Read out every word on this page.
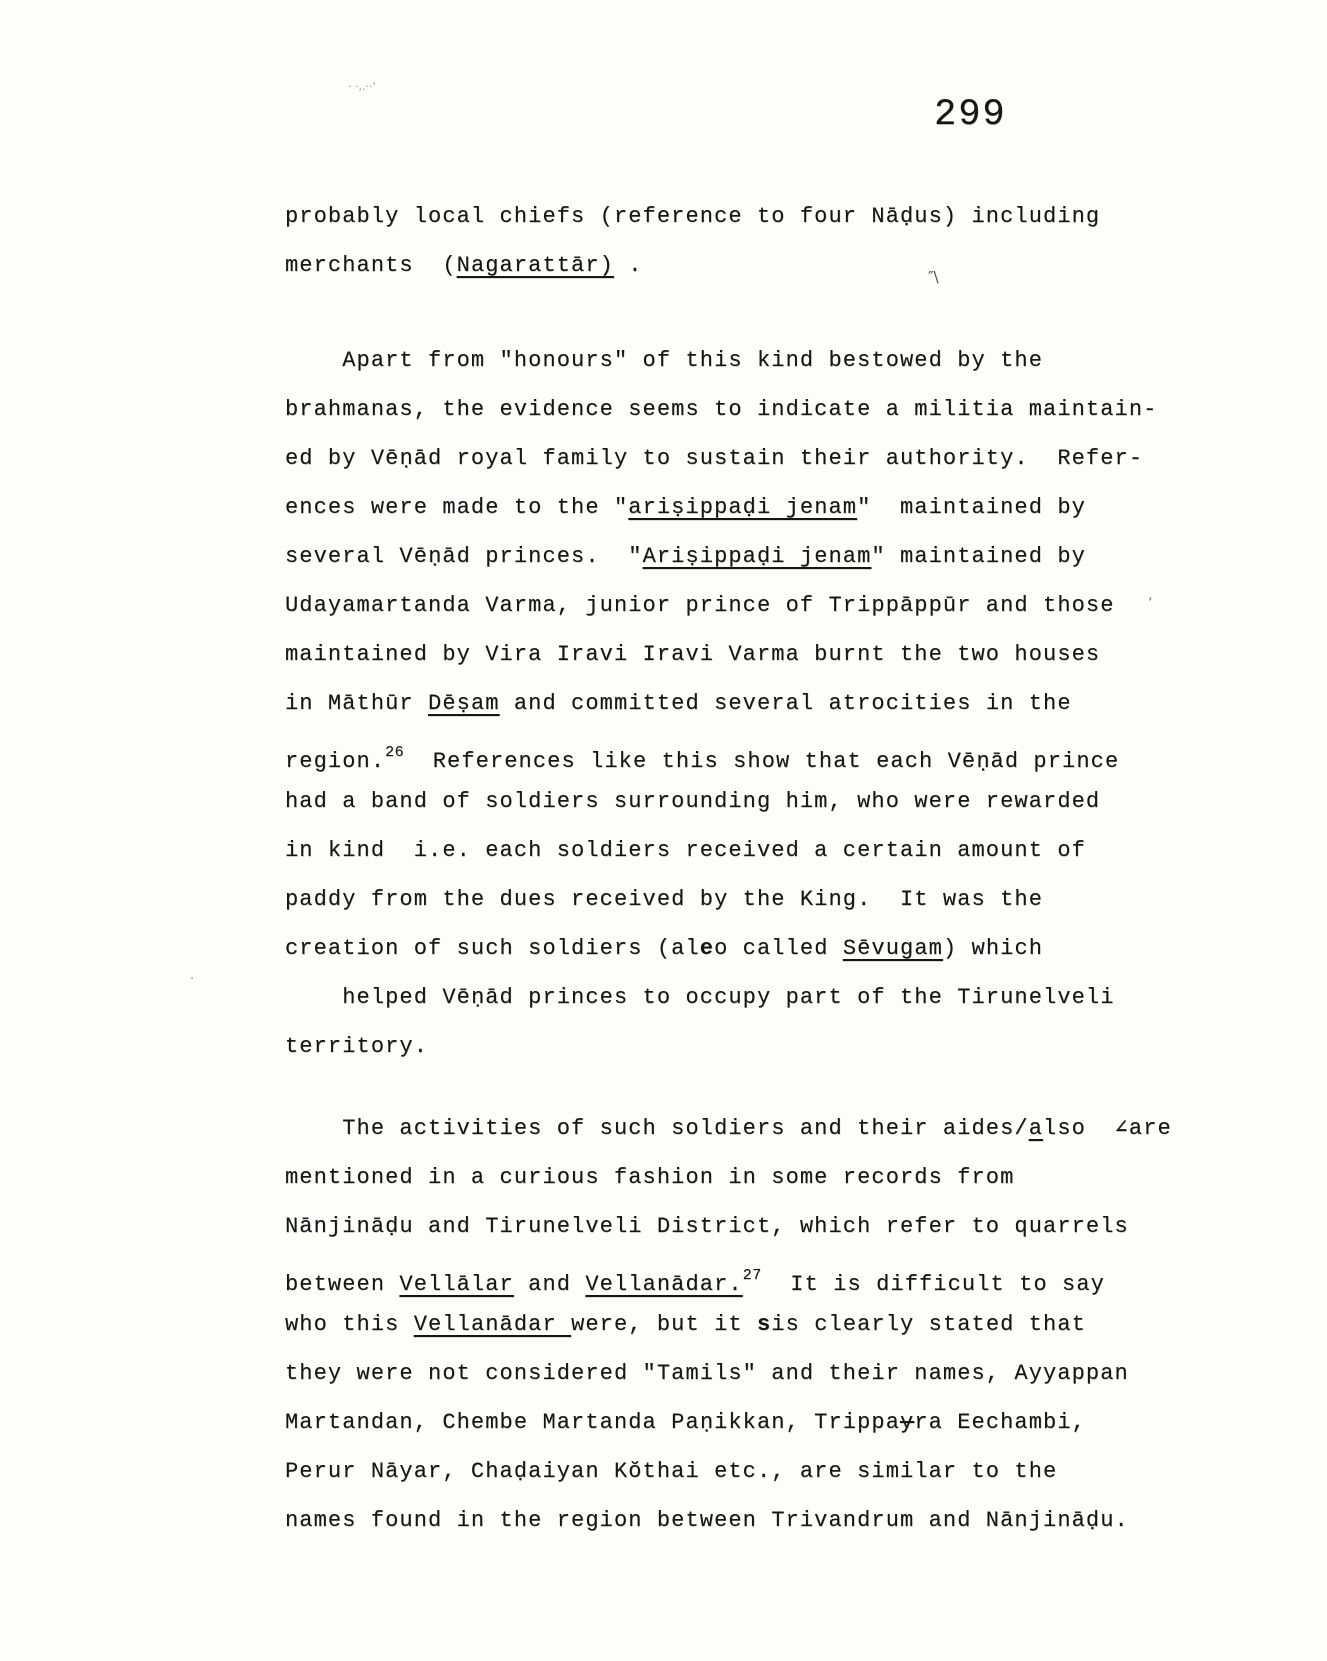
299
probably local chiefs (reference to four Nāḍus) including
merchants  (Nagarattār) .
Apart from "honours" of this kind bestowed by the
brahmanas, the evidence seems to indicate a militia maintain-
ed by Vēṇād royal family to sustain their authority.  Refer-
ences were made to the "ariṣippaḍi jenam"  maintained by
several Vēṇād princes.  "Ariṣippaḍi jenam" maintained by
Udayamartanda Varma, junior prince of Trippāppūr and those
maintained by Vira Iravi Iravi Varma burnt the two houses
in Māthūr Dēṣam and committed several atrocities in the
region.$^{26}$  References like this show that each Vēṇād prince
had a band of soldiers surrounding him, who were rewarded
in kind  i.e. each soldiers received a certain amount of
paddy from the dues received by the King.  It was the
creation of such soldiers (aleo called Sēvugam) which
helped Vēṇād princes to occupy part of the Tirunelveli
territory.
The activities of such soldiers and their aides/also  ∠are
mentioned in a curious fashion in some records from
Nānjināḍu and Tirunelveli District, which refer to quarrels
between Vellālar and Vellanādar.$^{27}$  It is difficult to say
who this Vellanādar were, but it sis clearly stated that
they were not considered "Tamils" and their names, Ayyappan
Martandan, Chembe Martanda Paṇikkan, Trippayra Eechambi,
Perur Nāyar, Chaḍaiyan Kŏthai etc., are similar to the
names found in the region between Trivandrum and Nānjināḍu.
· ·,.··'
″\
’
.
